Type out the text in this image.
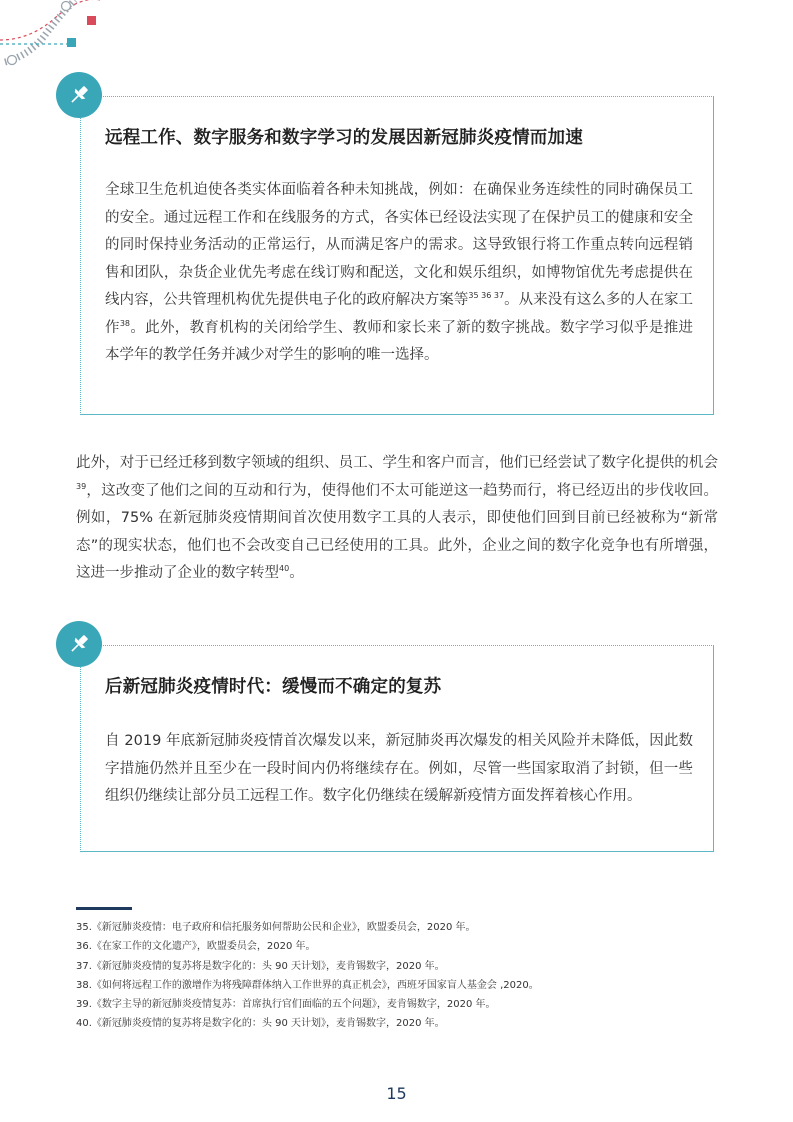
远程工作、数字服务和数字学习的发展因新冠肺炎疫情而加速

全球卫生危机迫使各类实体面临着各种未知挑战，例如：在确保业务连续性的同时确保员工的安全。通过远程工作和在线服务的方式，各实体已经设法实现了在保护员工的健康和安全的同时保持业务活动的正常运行，从而满足客户的需求。这导致银行将工作重点转向远程销售和团队，杂货企业优先考虑在线订购和配送，文化和娱乐组织，如博物馆优先考虑提供在线内容，公共管理机构优先提供电子化的政府解决方案等$^{35 36 37}$。从来没有这么多的人在家工作$^{38}$。此外，教育机构的关闭给学生、教师和家长来了新的数字挑战。数字学习似乎是推进本学年的教学任务并减少对学生的影响的唯一选择。

此外，对于已经迁移到数字领域的组织、员工、学生和客户而言，他们已经尝试了数字化提供的机会$^{39}$，这改变了他们之间的互动和行为，使得他们不太可能逆这一趋势而行，将已经迈出的步伐收回。例如，75% 在新冠肺炎疫情期间首次使用数字工具的人表示，即使他们回到目前已经被称为“新常态”的现实状态，他们也不会改变自己已经使用的工具。此外，企业之间的数字化竞争也有所增强，这进一步推动了企业的数字转型$^{40}$。

后新冠肺炎疫情时代：缓慢而不确定的复苏

自 2019 年底新冠肺炎疫情首次爆发以来，新冠肺炎再次爆发的相关风险并未降低，因此数字措施仍然并且至少在一段时间内仍将继续存在。例如，尽管一些国家取消了封锁，但一些组织仍继续让部分员工远程工作。数字化仍继续在缓解新疫情方面发挥着核心作用。

35.《新冠肺炎疫情：电子政府和信托服务如何帮助公民和企业》，欧盟委员会，2020 年。
36.《在家工作的文化遗产》，欧盟委员会，2020 年。
37.《新冠肺炎疫情的复苏将是数字化的：头 90 天计划》，麦肯锡数字，2020 年。
38.《如何将远程工作的激增作为将残障群体纳入工作世界的真正机会》，西班牙国家盲人基金会 ,2020。
39.《数字主导的新冠肺炎疫情复苏：首席执行官们面临的五个问题》，麦肯锡数字，2020 年。
40.《新冠肺炎疫情的复苏将是数字化的：头 90 天计划》，麦肯锡数字，2020 年。
15
